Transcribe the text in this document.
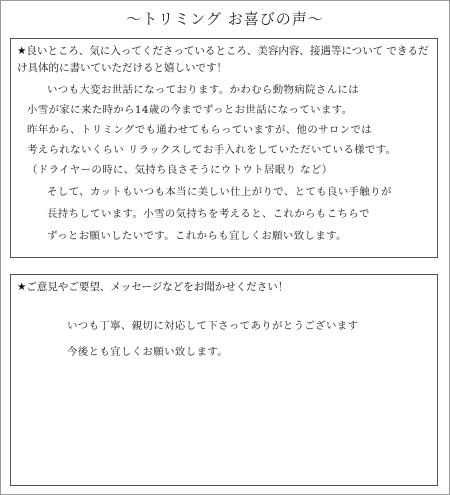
〜トリミング お喜びの声〜
★良いところ、気に入ってくださっているところ、美容内容、接遇等について できるだけ具体的に書いていただけると嬉しいです！
いつも大変お世話になっております。かわむら動物病院さんには
小雪が家に来た時から14歳の今までずっとお世話になっています。
昨年から、トリミングでも通わせてもらっていますが、他のサロンでは
考えられないくらい リラックスしてお手入れをしていただいている様です。
（ドライヤーの時に、気持ち良さそうにウトウト居眠り など）
そして、カットもいつも本当に美しい仕上がりで、とても良い手触りが
長持ちしています。小雪の気持ちを考えると、これからもこちらで
ずっとお願いしたいです。これからも宜しくお願い致します。
★ご意見やご要望、メッセージなどをお聞かせください！
いつも丁寧、親切に対応して下さってありがとうございます
今後とも宜しくお願い致します。
